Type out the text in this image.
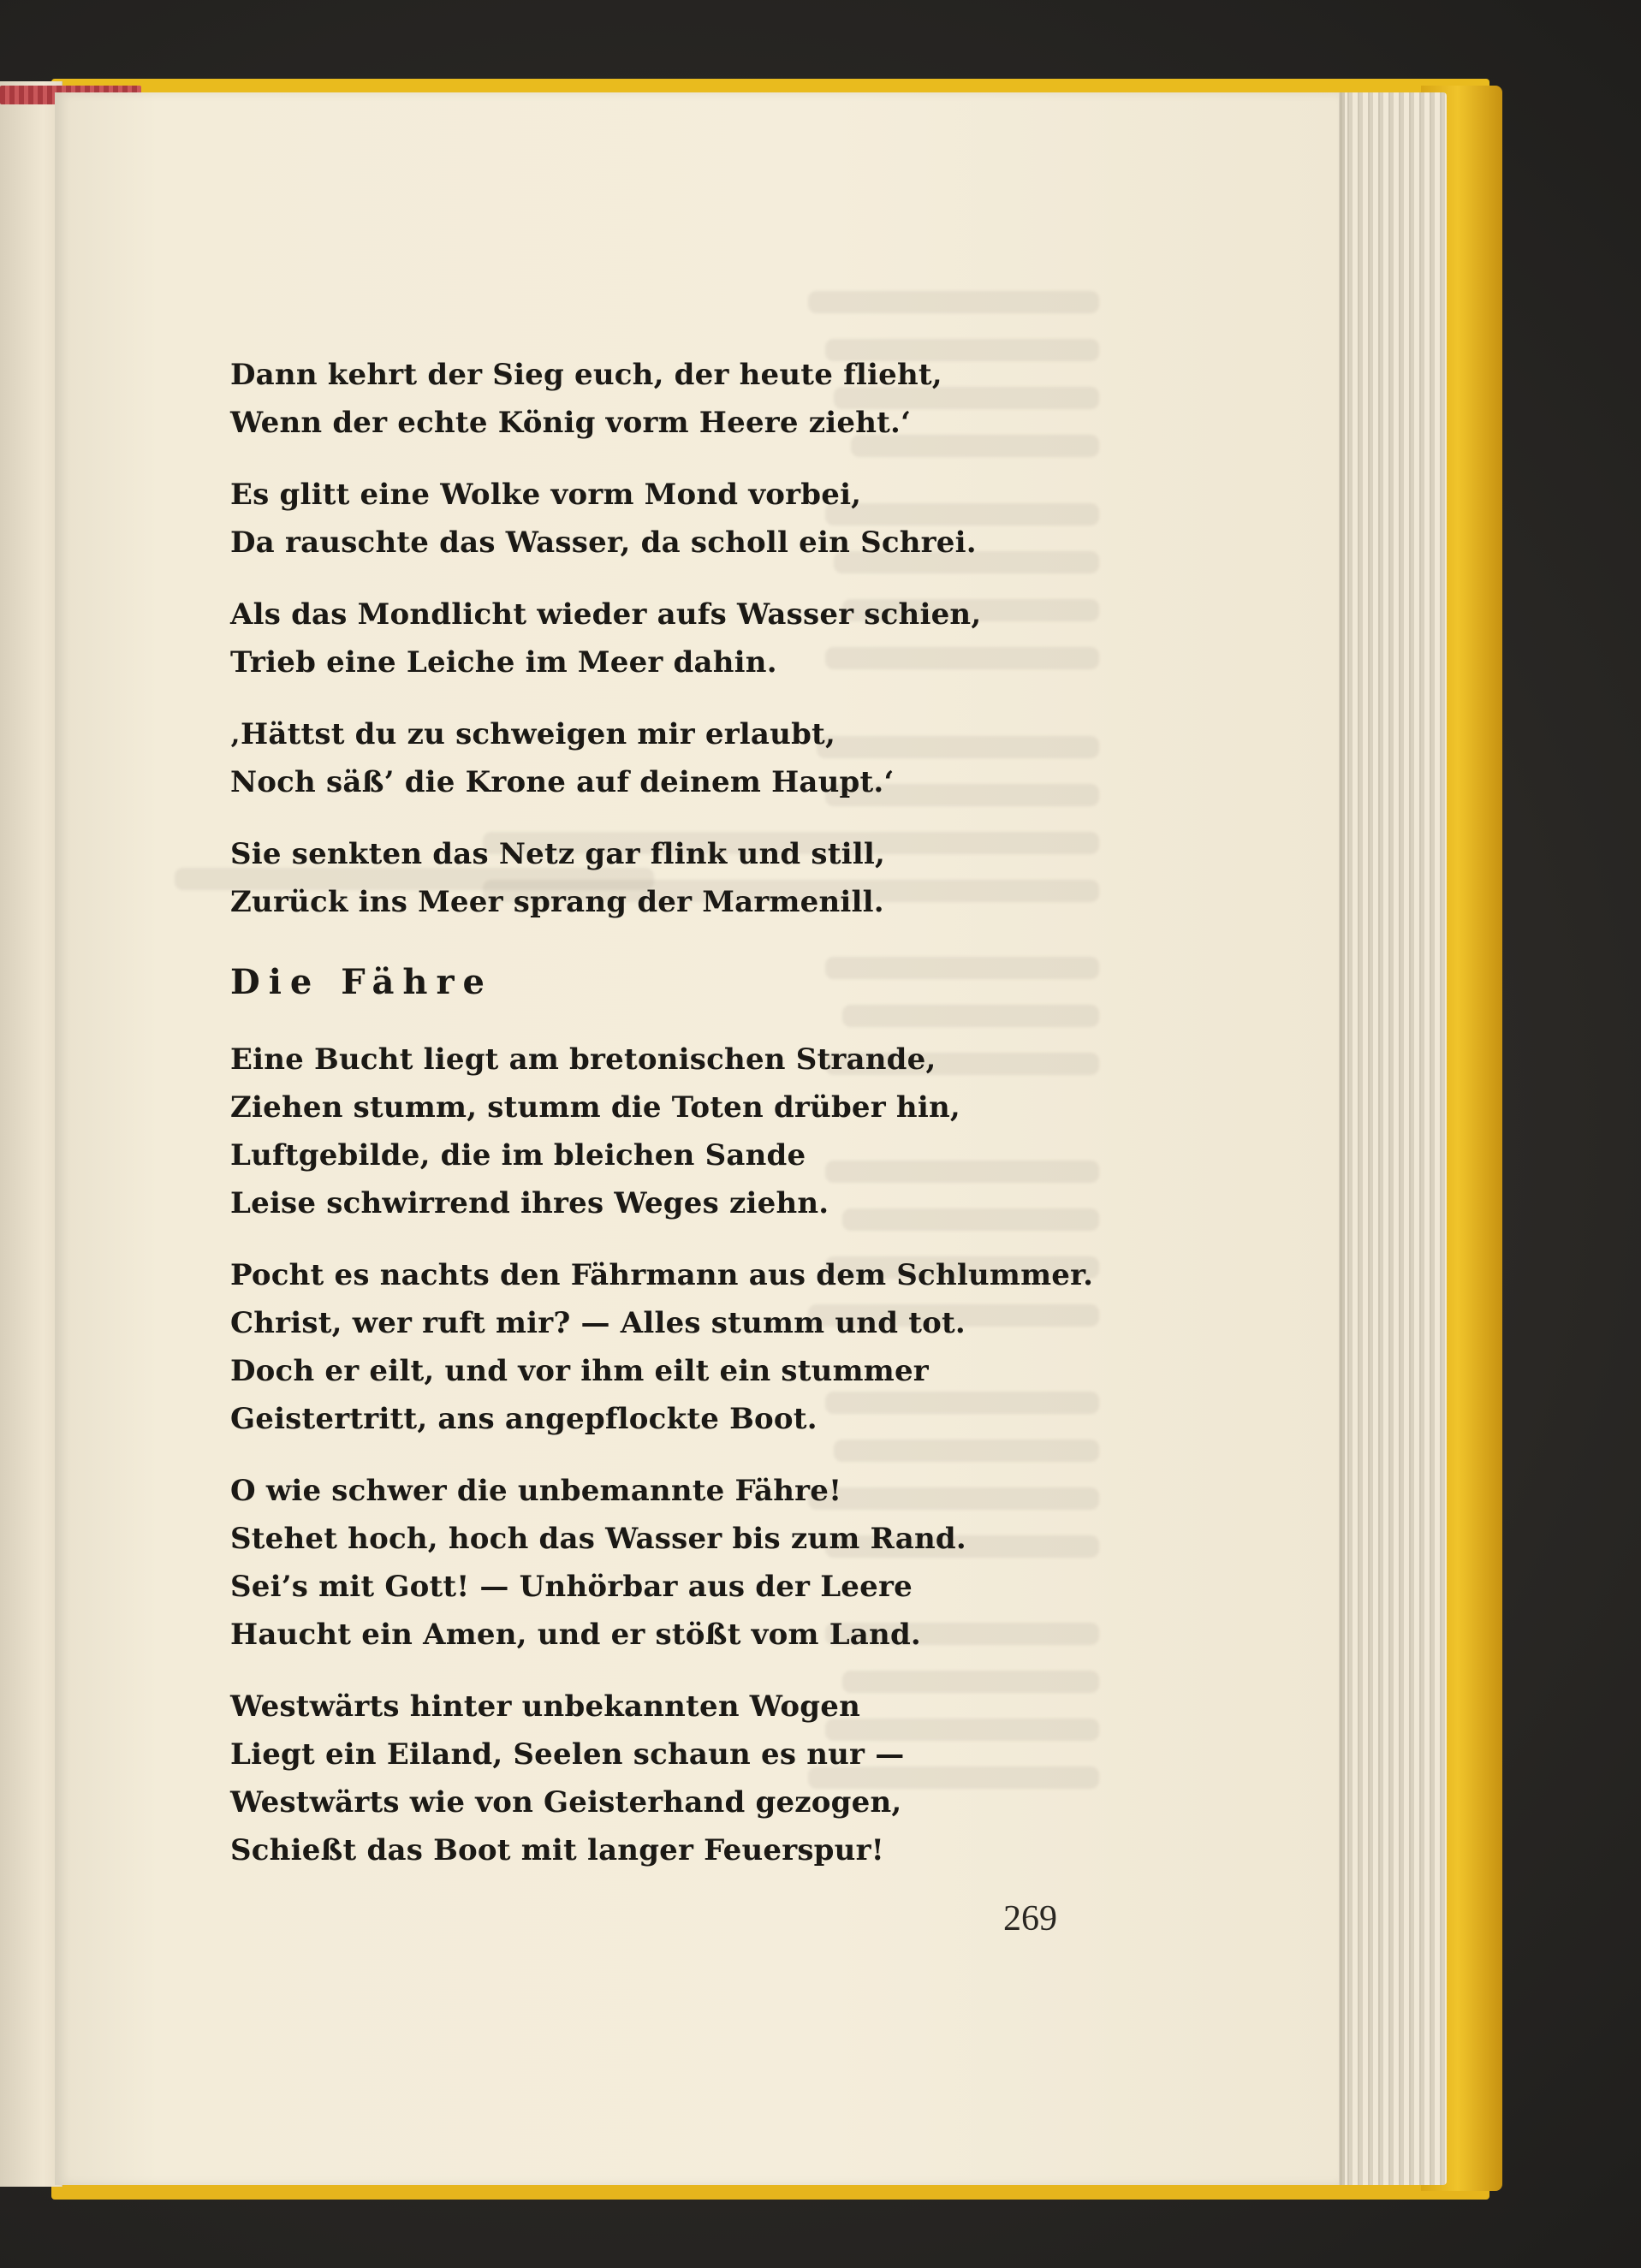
Dann kehrt der Sieg euch, der heute flieht,
Wenn der echte König vorm Heere zieht.‘
Es glitt eine Wolke vorm Mond vorbei,
Da rauschte das Wasser, da scholl ein Schrei.
Als das Mondlicht wieder aufs Wasser schien,
Trieb eine Leiche im Meer dahin.
‚Hättst du zu schweigen mir erlaubt,
Noch säß’ die Krone auf deinem Haupt.‘
Sie senkten das Netz gar flink und still,
Zurück ins Meer sprang der Marmenill.
Die Fähre
Eine Bucht liegt am bretonischen Strande,
Ziehen stumm, stumm die Toten drüber hin,
Luftgebilde, die im bleichen Sande
Leise schwirrend ihres Weges ziehn.
Pocht es nachts den Fährmann aus dem Schlummer.
Christ, wer ruft mir? — Alles stumm und tot.
Doch er eilt, und vor ihm eilt ein stummer
Geistertritt, ans angepflockte Boot.
O wie schwer die unbemannte Fähre!
Stehet hoch, hoch das Wasser bis zum Rand.
Sei’s mit Gott! — Unhörbar aus der Leere
Haucht ein Amen, und er stößt vom Land.
Westwärts hinter unbekannten Wogen
Liegt ein Eiland, Seelen schaun es nur —
Westwärts wie von Geisterhand gezogen,
Schießt das Boot mit langer Feuerspur!
269
